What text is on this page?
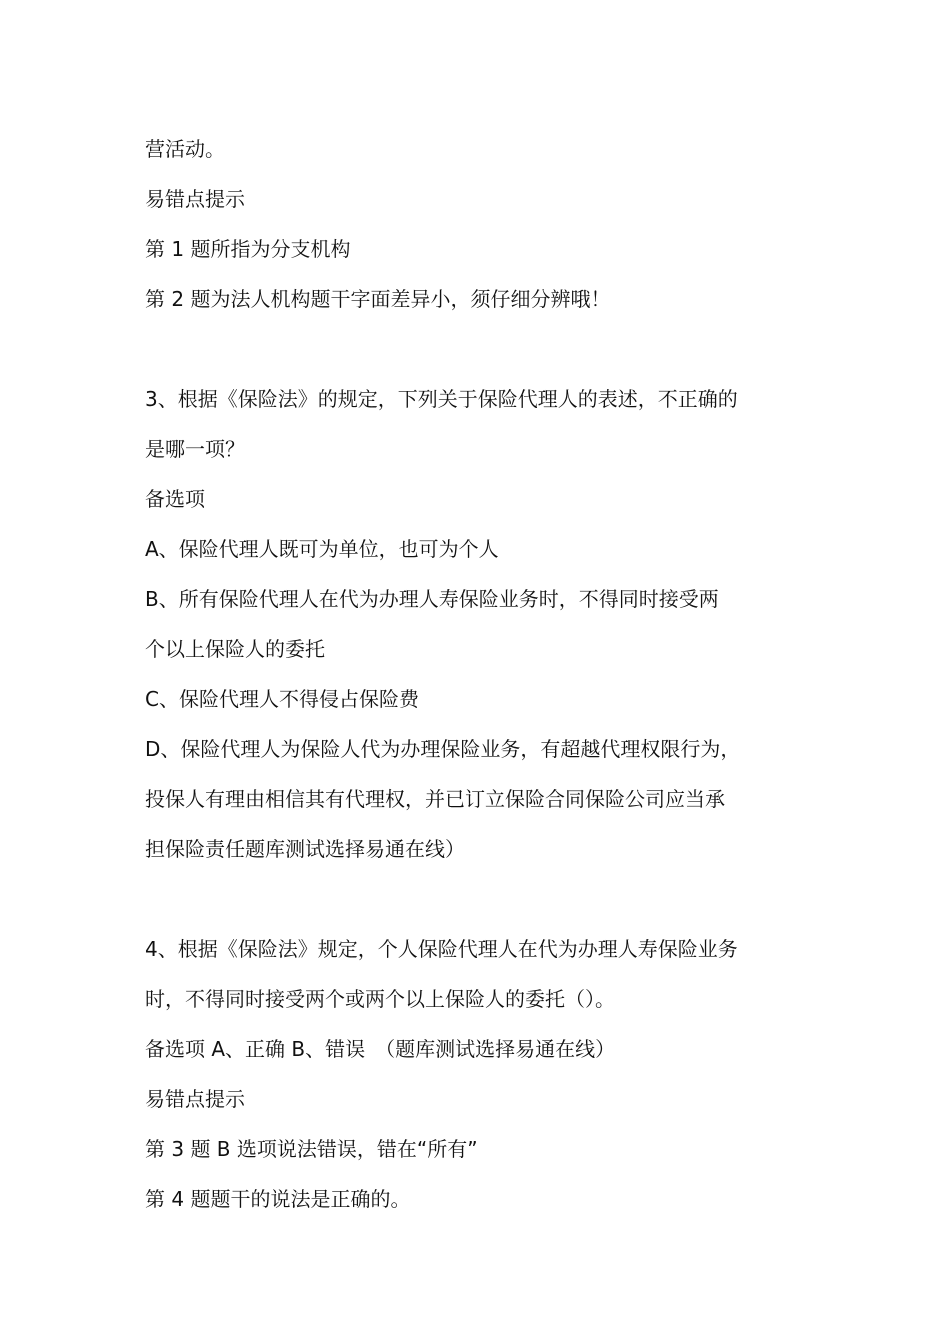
营活动。
易错点提示
第 1 题所指为分支机构
第 2 题为法人机构题干字面差异小，须仔细分辨哦！
3、根据《保险法》的规定，下列关于保险代理人的表述，不正确的
是哪一项？
备选项
A、保险代理人既可为单位，也可为个人
B、所有保险代理人在代为办理人寿保险业务时，不得同时接受两
个以上保险人的委托
C、保险代理人不得侵占保险费
D、保险代理人为保险人代为办理保险业务，有超越代理权限行为，
投保人有理由相信其有代理权，并已订立保险合同保险公司应当承
担保险责任题库测试选择易通在线）
4、根据《保险法》规定，个人保险代理人在代为办理人寿保险业务
时，不得同时接受两个或两个以上保险人的委托（）。
备选项 A、正确 B、错误　（题库测试选择易通在线）
易错点提示
第 3 题 B 选项说法错误，错在“所有”
第 4 题题干的说法是正确的。
